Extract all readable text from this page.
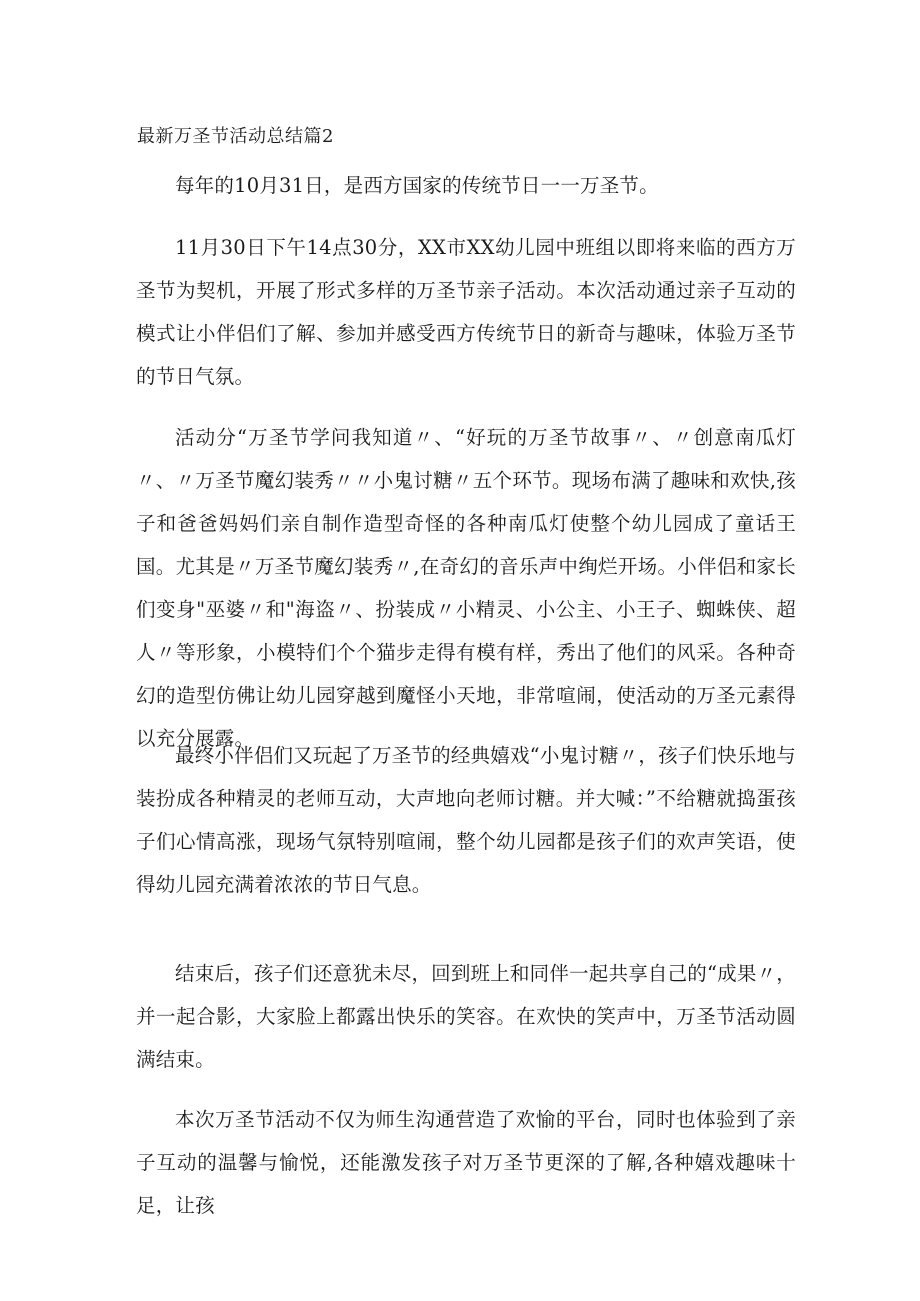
最新万圣节活动总结篇2

每年的10月31日，是西方国家的传统节日一一万圣节。

11月30日下午14点30分，XX市XX幼儿园中班组以即将来临的西方万圣节为契机，开展了形式多样的万圣节亲子活动。本次活动通过亲子互动的模式让小伴侣们了解、参加并感受西方传统节日的新奇与趣味，体验万圣节的节日气氛。

活动分“万圣节学问我知道〃、“好玩的万圣节故事〃、〃创意南瓜灯〃、〃万圣节魔幻装秀〃〃小鬼讨糖〃五个环节。现场布满了趣味和欢快,孩子和爸爸妈妈们亲自制作造型奇怪的各种南瓜灯使整个幼儿园成了童话王国。尤其是〃万圣节魔幻装秀〃,在奇幻的音乐声中绚烂开场。小伴侣和家长们变身"巫婆〃和"海盗〃、扮装成〃小精灵、小公主、小王子、蜘蛛侠、超人〃等形象，小模特们个个猫步走得有模有样，秀出了他们的风采。各种奇幻的造型仿佛让幼儿园穿越到魔怪小天地，非常喧闹，使活动的万圣元素得以充分展露。

最终小伴侣们又玩起了万圣节的经典嬉戏“小鬼讨糖〃，孩子们快乐地与装扮成各种精灵的老师互动，大声地向老师讨糖。并大喊：”不给糖就捣蛋孩子们心情高涨，现场气氛特别喧闹，整个幼儿园都是孩子们的欢声笑语，使得幼儿园充满着浓浓的节日气息。

结束后，孩子们还意犹未尽，回到班上和同伴一起共享自己的“成果〃，并一起合影，大家脸上都露出快乐的笑容。在欢快的笑声中，万圣节活动圆满结束。

本次万圣节活动不仅为师生沟通营造了欢愉的平台，同时也体验到了亲子互动的温馨与愉悦，还能激发孩子对万圣节更深的了解,各种嬉戏趣味十足，让孩
